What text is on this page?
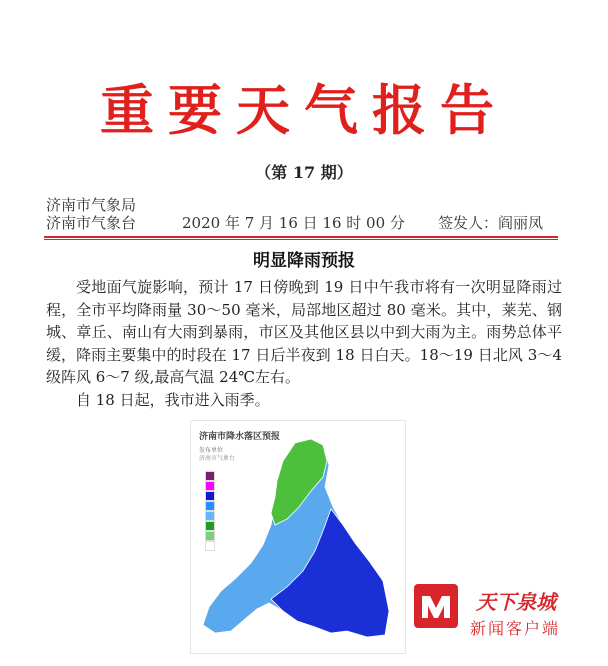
重要天气报告
（第 17 期）
济南市气象局
济南市气象台	2020 年 7 月 16 日 16 时 00 分 签发人：阎丽凤
明显降雨预报

受地面气旋影响，预计 17 日傍晚到 19 日中午我市将有一次明显降雨过程，全市平均降雨量 30～50 毫米，局部地区超过 80 毫米。其中，莱芜、钢城、章丘、南山有大雨到暴雨，市区及其他区县以中到大雨为主。雨势总体平缓，降雨主要集中的时段在 17 日后半夜到 18 日白天。18～19 日北风 3～4 级阵风 6～7 级,最高气温 24℃左右。

自 18 日起，我市进入雨季。

济南市降水落区预报
发布单位
济南市气象台
天下泉城
新闻客户端
